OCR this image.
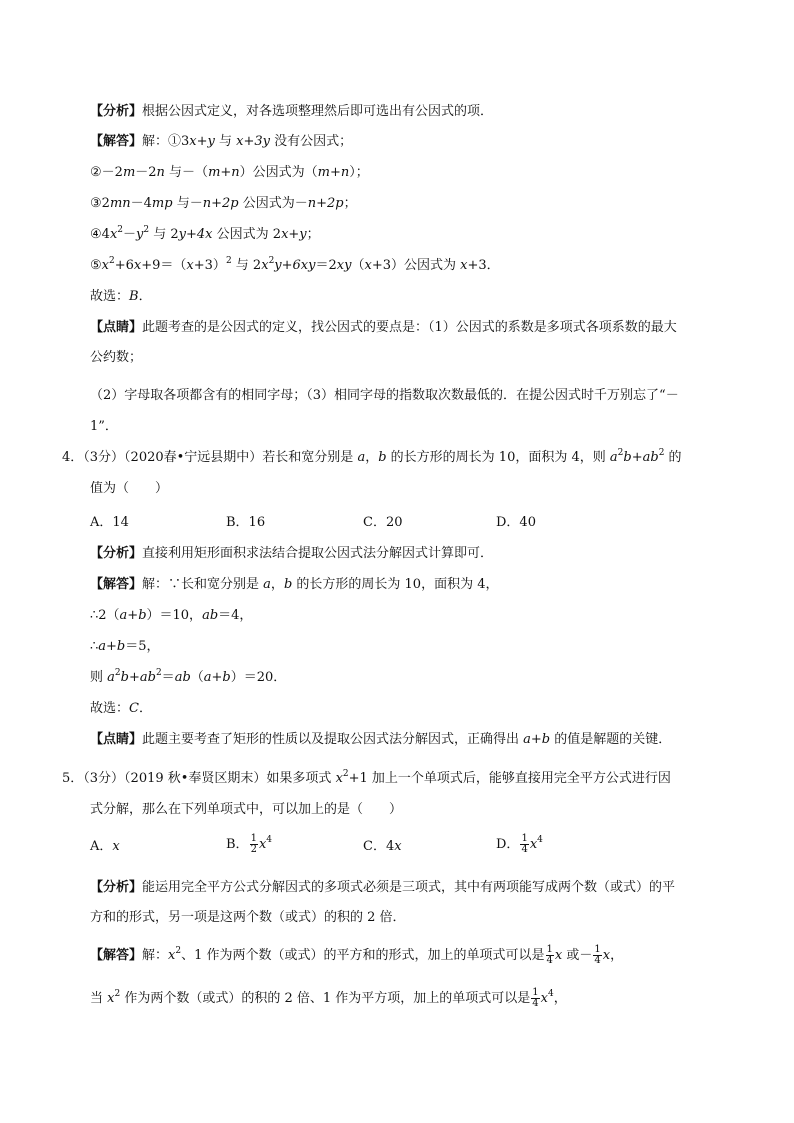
【分析】根据公因式定义，对各选项整理然后即可选出有公因式的项．
【解答】解：①3x+y 与 x+3y 没有公因式；
②－2m－2n 与－（m+n）公因式为（m+n）；
③2mn－4mp 与－n+2p 公因式为－n+2p；
$④4x^2-y^2$ 与 2y+4x 公因式为 2x+y；
$⑤x^2+6x+9=(x+3)^2$ 与 $2x^2y+6xy=2xy(x+3)$公因式为 x+3．
故选：B．
【点睛】此题考查的是公因式的定义，找公因式的要点是：（1）公因式的系数是多项式各项系数的最大
公约数；
（2）字母取各项都含有的相同字母；（3）相同字母的指数取次数最低的．在提公因式时千万别忘了“－
1”．
4．（3分）（2020春•宁远县期中）若长和宽分别是 a，b 的长方形的周长为 10，面积为 4，则 $a^2b+ab^2$ 的
值为（　　）
A．14	B．16	C．20	D．40
【分析】直接利用矩形面积求法结合提取公因式法分解因式计算即可．
【解答】解：∵长和宽分别是 a，b 的长方形的周长为 10，面积为 4，
∴2（a+b）＝10，ab＝4，
∴a+b＝5，
则 $a^2b+ab^2=ab(a+b)=20$．
故选：C．
【点睛】此题主要考查了矩形的性质以及提取公因式法分解因式，正确得出 a+b 的值是解题的关键．
5．（3分）（2019 秋•奉贤区期末）如果多项式 $x^2+1$ 加上一个单项式后，能够直接用完全平方公式进行因
式分解，那么在下列单项式中，可以加上的是（　　）
A．x	B． $\frac{1}{2} x^4$	C．4x	D． $\frac{1}{4} x^4$
【分析】能运用完全平方公式分解因式的多项式必须是三项式，其中有两项能写成两个数（或式）的平
方和的形式，另一项是这两个数（或式）的积的 2 倍．
【解答】解：$x^2$、1 作为两个数（或式）的平方和的形式，加上的单项式可以是 $\frac{1}{4}$ x 或－ $\frac{1}{4}$ x，
当 $x^2$ 作为两个数（或式）的积的 2 倍、1 作为平方项，加上的单项式可以是 $\frac{1}{4} x^4$，
